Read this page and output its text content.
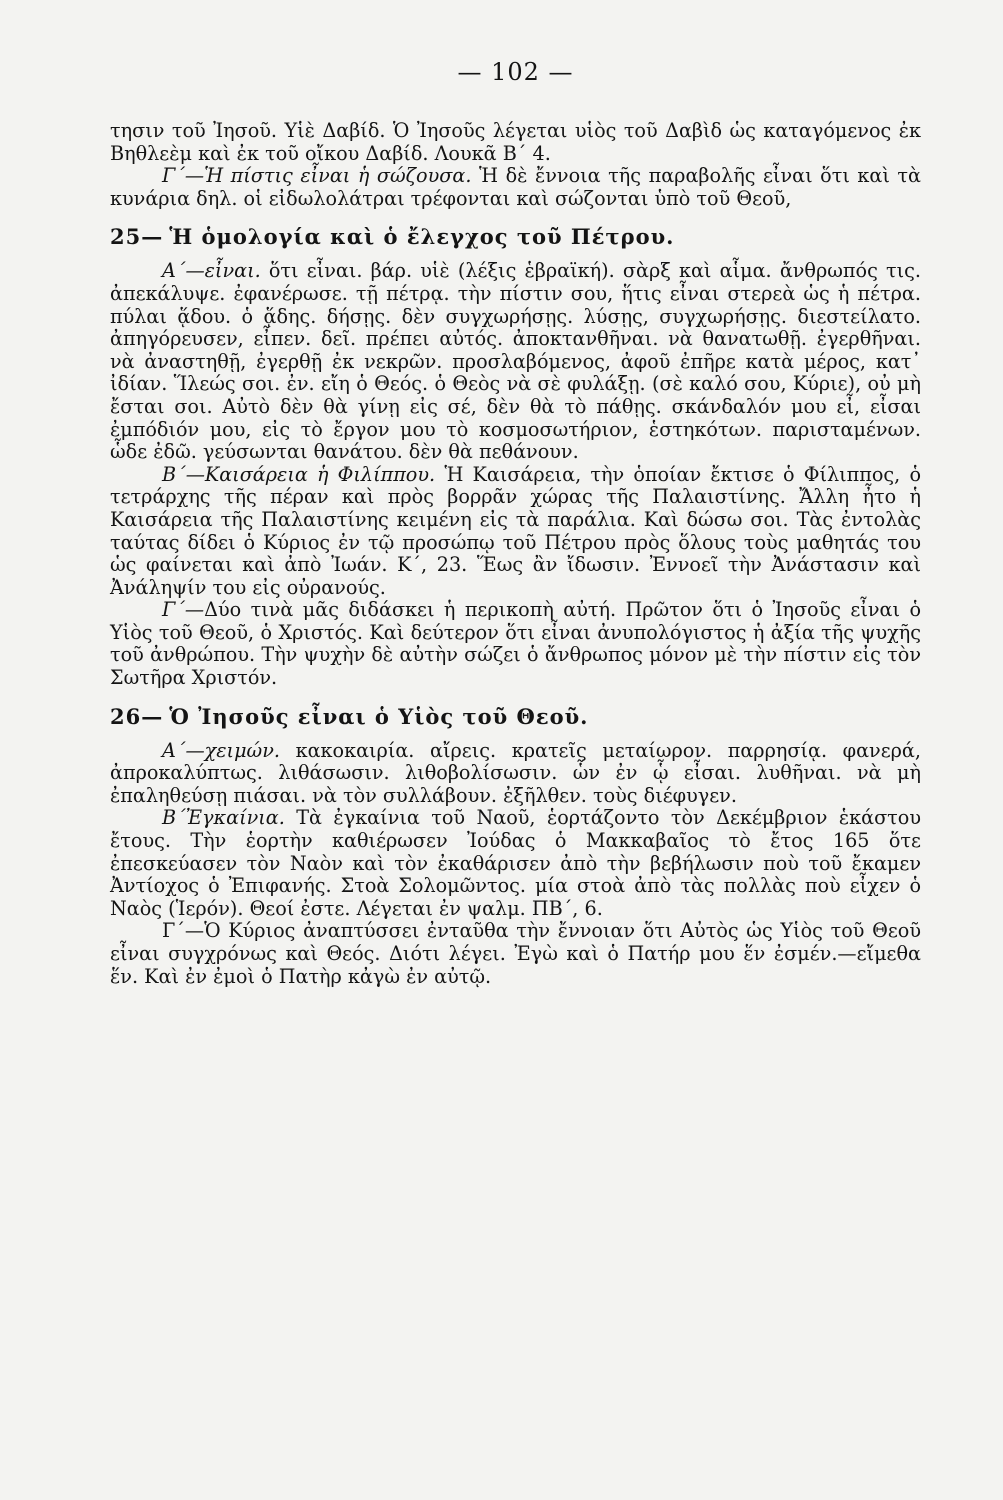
— 102 —

τησιν τοῦ Ἰησοῦ. Υἱὲ Δαβίδ. Ὁ Ἰησοῦς λέγεται υἱὸς τοῦ Δαβὶδ ὡς καταγόμενος ἐκ Βηθλεὲμ καὶ ἐκ τοῦ οἴκου Δαβίδ. Λουκᾶ Β΄ 4.

Γ΄—Ἡ πίστις εἶναι ἡ σώζουσα. Ἡ δὲ ἔννοια τῆς παραβολῆς εἶναι ὅτι καὶ τὰ κυνάρια δηλ. οἱ εἰδωλολάτραι τρέφονται καὶ σώζονται ὑπὸ τοῦ Θεοῦ,

25— Ἡ ὁμολογία καὶ ὁ ἔλεγχος τοῦ Πέτρου.

Α΄—εἶναι. ὅτι εἶναι. βάρ. υἱὲ (λέξις ἑβραϊκή). σὰρξ καὶ αἷμα. ἄνθρωπός τις. ἀπεκάλυψε. ἐφανέρωσε. τῇ πέτρᾳ. τὴν πίστιν σου, ἥτις εἶναι στερεὰ ὡς ἡ πέτρα. πύλαι ᾅδου. ὁ ᾅδης. δήσῃς. δὲν συγχωρήσῃς. λύσῃς, συγχωρήσῃς. διεστείλατο. ἀπηγόρευσεν, εἶπεν. δεῖ. πρέπει αὐτός. ἀποκτανθῆναι. νὰ θανατωθῇ. ἐγερθῆναι. νὰ ἀναστηθῇ, ἐγερθῇ ἐκ νεκρῶν. προσλαβόμενος, ἀφοῦ ἐπῆρε κατὰ μέρος, κατ᾿ ἰδίαν. Ἵλεώς σοι. ἐν. εἴη ὁ Θεός. ὁ Θεὸς νὰ σὲ φυλάξῃ. (σὲ καλό σου, Κύριε), οὐ μὴ ἔσται σοι. Αὐτὸ δὲν θὰ γίνῃ εἰς σέ, δὲν θὰ τὸ πάθῃς. σκάνδαλόν μου εἶ, εἶσαι ἐμπόδιόν μου, εἰς τὸ ἔργον μου τὸ κοσμοσωτήριον, ἑστηκότων. παρισταμένων. ὧδε ἐδῶ. γεύσωνται θανάτου. δὲν θὰ πεθάνουν.

Β΄—Καισάρεια ἡ Φιλίππου. Ἡ Καισάρεια, τὴν ὁποίαν ἔκτισε ὁ Φίλιππος, ὁ τετράρχης τῆς πέραν καὶ πρὸς βορρᾶν χώρας τῆς Παλαιστίνης. Ἄλλη ἦτο ἡ Καισάρεια τῆς Παλαιστίνης κειμένη εἰς τὰ παράλια. Καὶ δώσω σοι. Τὰς ἐντολὰς ταύτας δίδει ὁ Κύριος ἐν τῷ προσώπῳ τοῦ Πέτρου πρὸς ὅλους τοὺς μαθητάς του ὡς φαίνεται καὶ ἀπὸ Ἰωάν. Κ΄, 23. Ἕως ἂν ἴδωσιν. Ἐννοεῖ τὴν Ἀνάστασιν καὶ Ἀνάληψίν του εἰς οὐρανούς.

Γ΄—Δύο τινὰ μᾶς διδάσκει ἡ περικοπὴ αὐτή. Πρῶτον ὅτι ὁ Ἰησοῦς εἶναι ὁ Υἱὸς τοῦ Θεοῦ, ὁ Χριστός. Καὶ δεύτερον ὅτι εἶναι ἀνυπολόγιστος ἡ ἀξία τῆς ψυχῆς τοῦ ἀνθρώπου. Τὴν ψυχὴν δὲ αὐτὴν σώζει ὁ ἄνθρωπος μόνον μὲ τὴν πίστιν εἰς τὸν Σωτῆρα Χριστόν.

26— Ὁ Ἰησοῦς εἶναι ὁ Υἱὸς τοῦ Θεοῦ.

Α΄—χειμών. κακοκαιρία. αἴρεις. κρατεῖς μεταίωρον. παρρησίᾳ. φανερά, ἀπροκαλύπτως. λιθάσωσιν. λιθοβολίσωσιν. ὧν ἐν ᾧ εἶσαι. λυθῆναι. νὰ μὴ ἐπαληθεύσῃ πιάσαι. νὰ τὸν συλλάβουν. ἐξῆλθεν. τοὺς διέφυγεν.

Β΄Ἐγκαίνια. Τὰ ἐγκαίνια τοῦ Ναοῦ, ἑορτάζοντο τὸν Δεκέμβριον ἑκάστου ἔτους. Τὴν ἑορτὴν καθιέρωσεν Ἰούδας ὁ Μακκαβαῖος τὸ ἔτος 165 ὅτε ἐπεσκεύασεν τὸν Ναὸν καὶ τὸν ἐκαθάρισεν ἀπὸ τὴν βεβήλωσιν ποὺ τοῦ ἔκαμεν Ἀντίοχος ὁ Ἐπιφανής. Στοὰ Σολομῶντος. μία στοὰ ἀπὸ τὰς πολλὰς ποὺ εἶχεν ὁ Ναὸς (Ἱερόν). Θεοί ἐστε. Λέγεται ἐν ψαλμ. ΠΒ΄, 6.

Γ΄—Ὁ Κύριος ἀναπτύσσει ἐνταῦθα τὴν ἔννοιαν ὅτι Αὐτὸς ὡς Υἱὸς τοῦ Θεοῦ εἶναι συγχρόνως καὶ Θεός. Διότι λέγει. Ἐγὼ καὶ ὁ Πατήρ μου ἕν ἐσμέν.—εἴμεθα ἕν. Καὶ ἐν ἐμοὶ ὁ Πατὴρ κἀγὼ ἐν αὐτῷ.
